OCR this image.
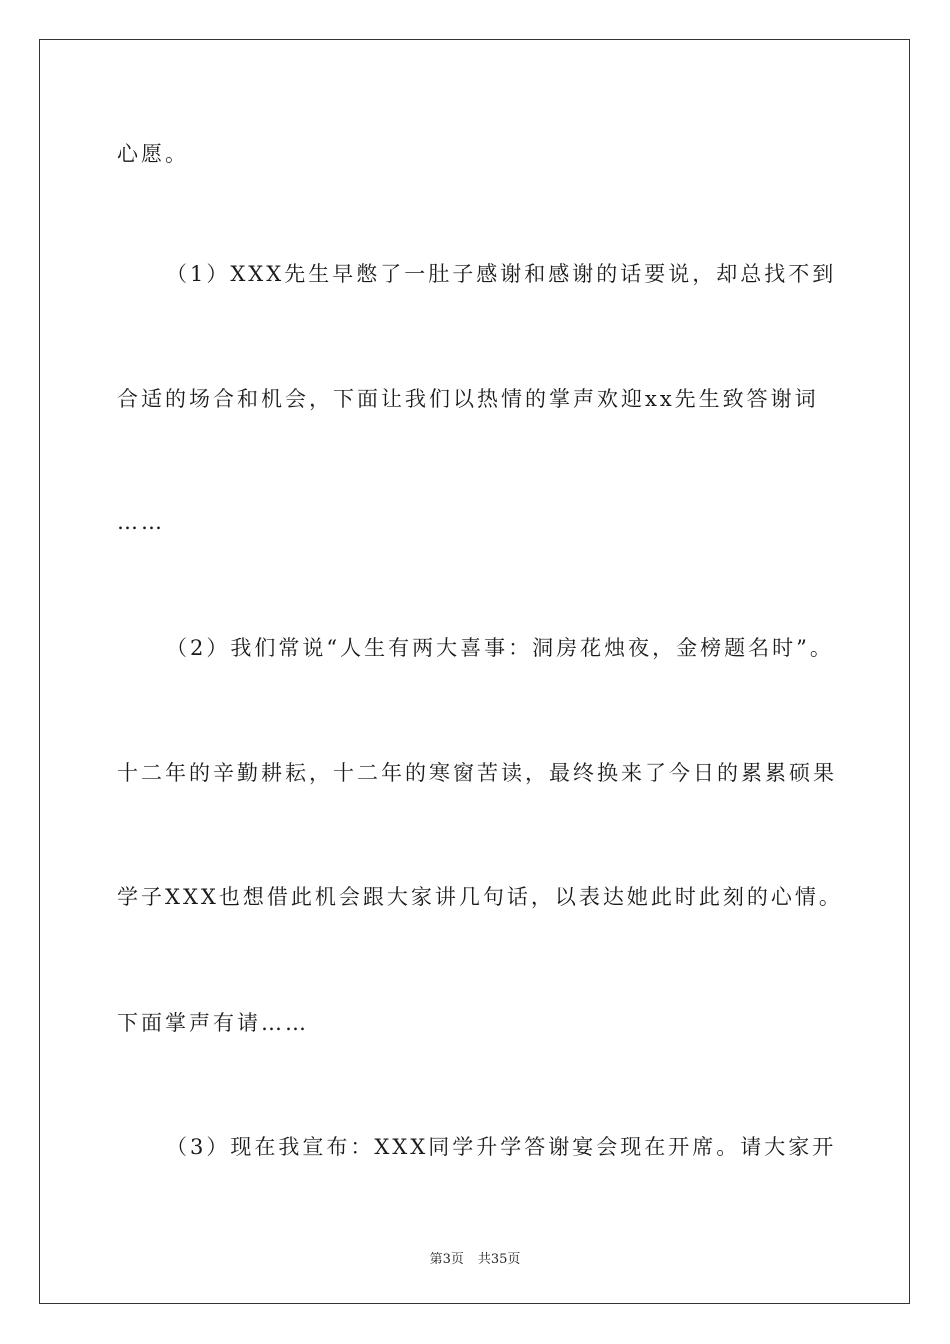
心愿。
（1）XXX先生早憋了一肚子感谢和感谢的话要说，却总找不到
合适的场合和机会，下面让我们以热情的掌声欢迎xx先生致答谢词
……
（2）我们常说“人生有两大喜事：洞房花烛夜，金榜题名时”。
十二年的辛勤耕耘，十二年的寒窗苦读，最终换来了今日的累累硕果
学子XXX也想借此机会跟大家讲几句话，以表达她此时此刻的心情。
下面掌声有请……
（3）现在我宣布：XXX同学升学答谢宴会现在开席。请大家开
第3页 共35页
